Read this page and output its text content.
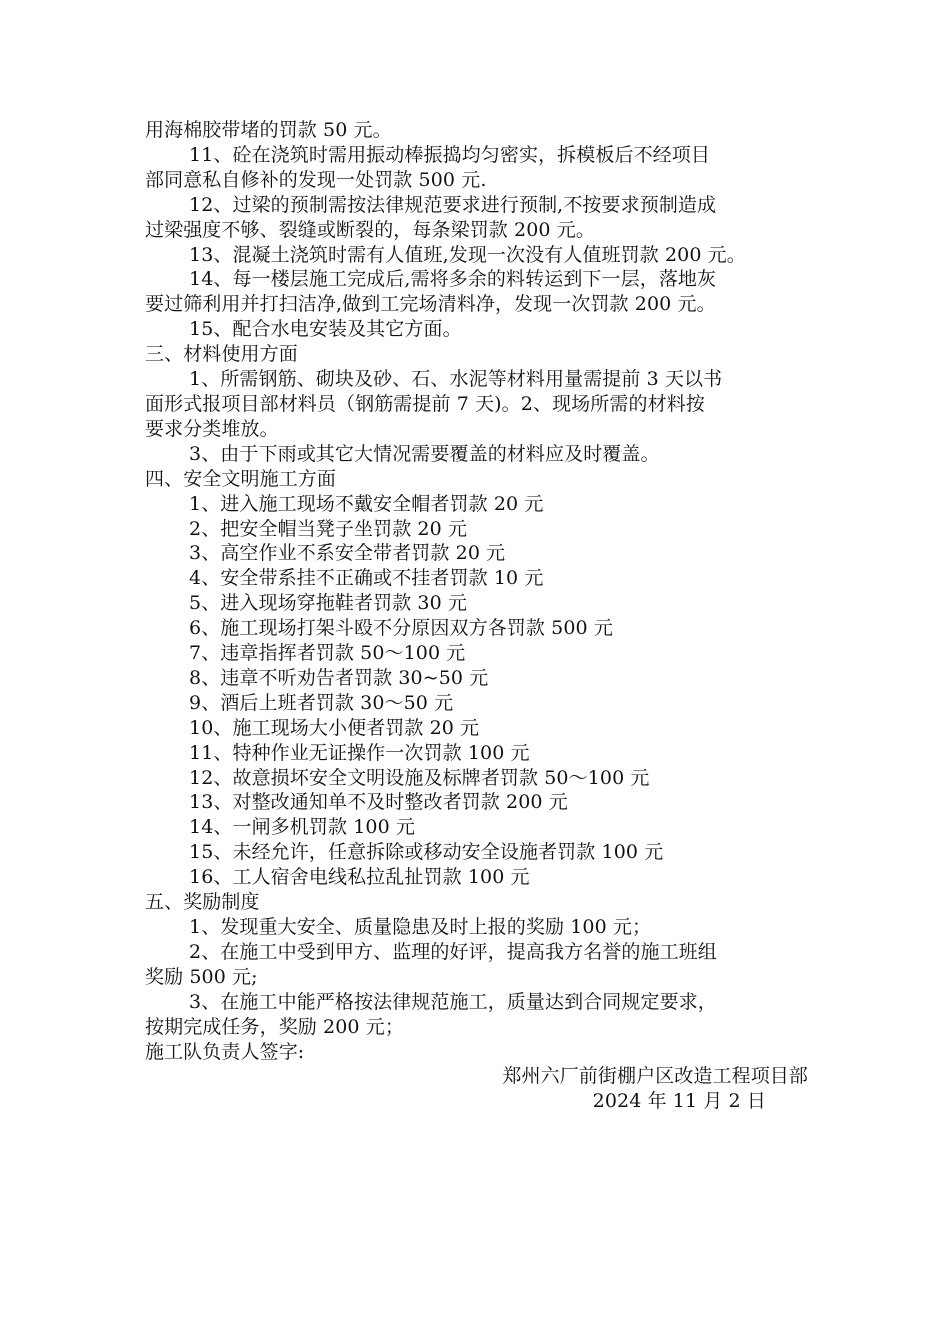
用海棉胶带堵的罚款 50 元。
11、砼在浇筑时需用振动棒振捣均匀密实，拆模板后不经项目
部同意私自修补的发现一处罚款 500 元.
12、过梁的预制需按法律规范要求进行预制,不按要求预制造成
过梁强度不够、裂缝或断裂的，每条梁罚款 200 元。
13、混凝土浇筑时需有人值班,发现一次没有人值班罚款 200 元。
14、每一楼层施工完成后,需将多余的料转运到下一层，落地灰
要过筛利用并打扫洁净,做到工完场清料净，发现一次罚款 200 元。
15、配合水电安装及其它方面。
三、材料使用方面
1、所需钢筋、砌块及砂、石、水泥等材料用量需提前 3 天以书
面形式报项目部材料员（钢筋需提前 7 天)。2、现场所需的材料按
要求分类堆放。
3、由于下雨或其它大情况需要覆盖的材料应及时覆盖。
四、安全文明施工方面
1、进入施工现场不戴安全帽者罚款 20 元
2、把安全帽当凳子坐罚款 20 元
3、高空作业不系安全带者罚款 20 元
4、安全带系挂不正确或不挂者罚款 10 元
5、进入现场穿拖鞋者罚款 30 元
6、施工现场打架斗殴不分原因双方各罚款 500 元
7、违章指挥者罚款 50～100 元
8、违章不听劝告者罚款 30~50 元
9、酒后上班者罚款 30～50 元
10、施工现场大小便者罚款 20 元
11、特种作业无证操作一次罚款 100 元
12、故意损坏安全文明设施及标牌者罚款 50～100 元
13、对整改通知单不及时整改者罚款 200 元
14、一闸多机罚款 100 元
15、未经允许，任意拆除或移动安全设施者罚款 100 元
16、工人宿舍电线私拉乱扯罚款 100 元
五、奖励制度
1、发现重大安全、质量隐患及时上报的奖励 100 元；
2、在施工中受到甲方、监理的好评，提高我方名誉的施工班组
奖励 500 元;
3、在施工中能严格按法律规范施工，质量达到合同规定要求，
按期完成任务，奖励 200 元；
施工队负责人签字:
郑州六厂前街棚户区改造工程项目部
2024 年 11 月 2 日
